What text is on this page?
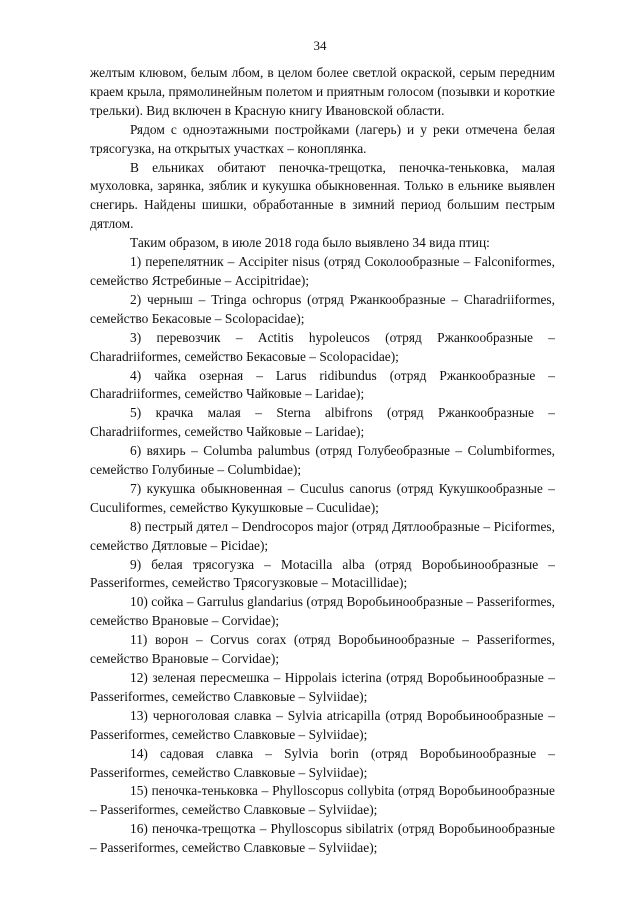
34

желтым клювом, белым лбом, в целом более светлой окраской, серым передним краем крыла, прямолинейным полетом и приятным голосом (позывки и короткие трельки). Вид включен в Красную книгу Ивановской области.

Рядом с одноэтажными постройками (лагерь) и у реки отмечена белая трясогузка, на открытых участках – коноплянка.

В ельниках обитают пеночка-трещотка, пеночка-теньковка, малая мухоловка, зарянка, зяблик и кукушка обыкновенная. Только в ельнике выявлен снегирь. Найдены шишки, обработанные в зимний период большим пестрым дятлом.

Таким образом, в июле 2018 года было выявлено 34 вида птиц:

1) перепелятник – Accipiter nisus (отряд Соколообразные – Falconiformes, семейство Ястребиные – Accipitridae);

2) черныш – Tringa ochropus (отряд Ржанкообразные – Charadriiformes, семейство Бекасовые – Scolopacidae);

3) перевозчик – Actitis hypoleucos (отряд Ржанкообразные – Charadriiformes, семейство Бекасовые – Scolopacidae);

4) чайка озерная – Larus ridibundus (отряд Ржанкообразные – Charadriiformes, семейство Чайковые – Laridae);

5) крачка малая – Sterna albifrons (отряд Ржанкообразные – Charadriiformes, семейство Чайковые – Laridae);

6) вяхирь – Columba palumbus (отряд Голубеобразные – Columbiformes, семейство Голубиные – Columbidae);

7) кукушка обыкновенная – Cuculus canorus (отряд Кукушкообразные – Cuculiformes, семейство Кукушковые – Cuculidae);

8) пестрый дятел – Dendrocopos major (отряд Дятлообразные – Piciformes, семейство Дятловые – Picidae);

9) белая трясогузка – Motacilla alba (отряд Воробьинообразные – Passeriformes, семейство Трясогузковые – Motacillidae);

10) сойка – Garrulus glandarius (отряд Воробьинообразные – Passeriformes, семейство Врановые – Corvidae);

11) ворон – Corvus corax (отряд Воробьинообразные – Passeriformes, семейство Врановые – Corvidae);

12) зеленая пересмешка – Hippolais icterina (отряд Воробьинообразные – Passeriformes, семейство Славковые – Sylviidae);

13) черноголовая славка – Sylvia atricapilla (отряд Воробьинообразные – Passeriformes, семейство Славковые – Sylviidae);

14) садовая славка – Sylvia borin (отряд Воробьинообразные – Passeriformes, семейство Славковые – Sylviidae);

15) пеночка-теньковка – Phylloscopus collybita (отряд Воробьинообразные – Passeriformes, семейство Славковые – Sylviidae);

16) пеночка-трещотка – Phylloscopus sibilatrix (отряд Воробьинообразные – Passeriformes, семейство Славковые – Sylviidae);
